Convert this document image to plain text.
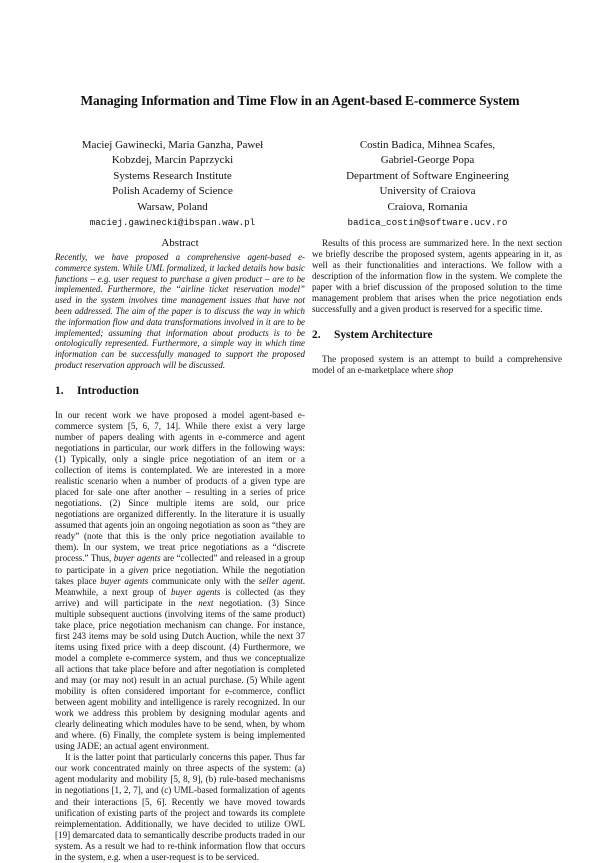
Managing Information and Time Flow in an Agent-based E-commerce System
Maciej Gawinecki, Maria Ganzha, Paweł
Kobzdej, Marcin Paprzycki
Systems Research Institute
Polish Academy of Science
Warsaw, Poland
maciej.gawinecki@ibspan.waw.pl
Costin Badica, Mihnea Scafes,
Gabriel-George Popa
Department of Software Engineering
University of Craiova
Craiova, Romania
badica_costin@software.ucv.ro
Abstract
Recently, we have proposed a comprehensive agent-based e-commerce system. While UML formalized, it lacked details how basic functions – e.g. user request to purchase a given product – are to be implemented. Furthermore, the “airline ticket reservation model” used in the system involves time management issues that have not been addressed. The aim of the paper is to discuss the way in which the information flow and data transformations involved in it are to be implemented; assuming that information about products is to be ontologically represented. Furthermore, a simple way in which time information can be successfully managed to support the proposed product reservation approach will be discussed.
1. Introduction

In our recent work we have proposed a model agent-based e-commerce system [5, 6, 7, 14]. While there exist a very large number of papers dealing with agents in e-commerce and agent negotiations in particular, our work differs in the following ways: (1) Typically, only a single price negotiation of an item or a collection of items is contemplated. We are interested in a more realistic scenario when a number of products of a given type are placed for sale one after another – resulting in a series of price negotiations. (2) Since multiple items are sold, our price negotiations are organized differently. In the literature it is usually assumed that agents join an ongoing negotiation as soon as “they are ready” (note that this is the only price negotiation available to them). In our system, we treat price negotiations as a “discrete process.” Thus, buyer agents are “collected” and released in a group to participate in a given price negotiation. While the negotiation takes place buyer agents communicate only with the seller agent. Meanwhile, a next group of buyer agents is collected (as they arrive) and will participate in the next negotiation. (3) Since multiple subsequent auctions (involving items of the same product) take place, price negotiation mechanism can change. For instance, first 243 items may be sold using Dutch Auction, while the next 37 items using fixed price with a deep discount. (4) Furthermore, we model a complete e-commerce system, and thus we conceptualize all actions that take place before and after negotiation is completed and may (or may not) result in an actual purchase. (5) While agent mobility is often considered important for e-commerce, conflict between agent mobility and intelligence is rarely recognized. In our work we address this problem by designing modular agents and clearly delineating which modules have to be send, when, by whom and where. (6) Finally, the complete system is being implemented using JADE; an actual agent environment.

It is the latter point that particularly concerns this paper. Thus far our work concentrated mainly on three aspects of the system: (a) agent modularity and mobility [5, 8, 9], (b) rule-based mechanisms in negotiations [1, 2, 7], and (c) UML-based formalization of agents and their interactions [5, 6]. Recently we have moved towards unification of existing parts of the project and towards its complete reimplementation. Additionally, we have decided to utilize OWL [19] demarcated data to semantically describe products traded in our system. As a result we had to re-think information flow that occurs in the system, e.g. when a user-request is to be serviced.

Results of this process are summarized here. In the next section we briefly describe the proposed system, agents appearing in it, as well as their functionalities and interactions. We follow with a description of the information flow in the system. We complete the paper with a brief discussion of the proposed solution to the time management problem that arises when the price negotiation ends successfully and a given product is reserved for a specific time.

2. System Architecture

The proposed system is an attempt to build a comprehensive model of an e-marketplace where shop
